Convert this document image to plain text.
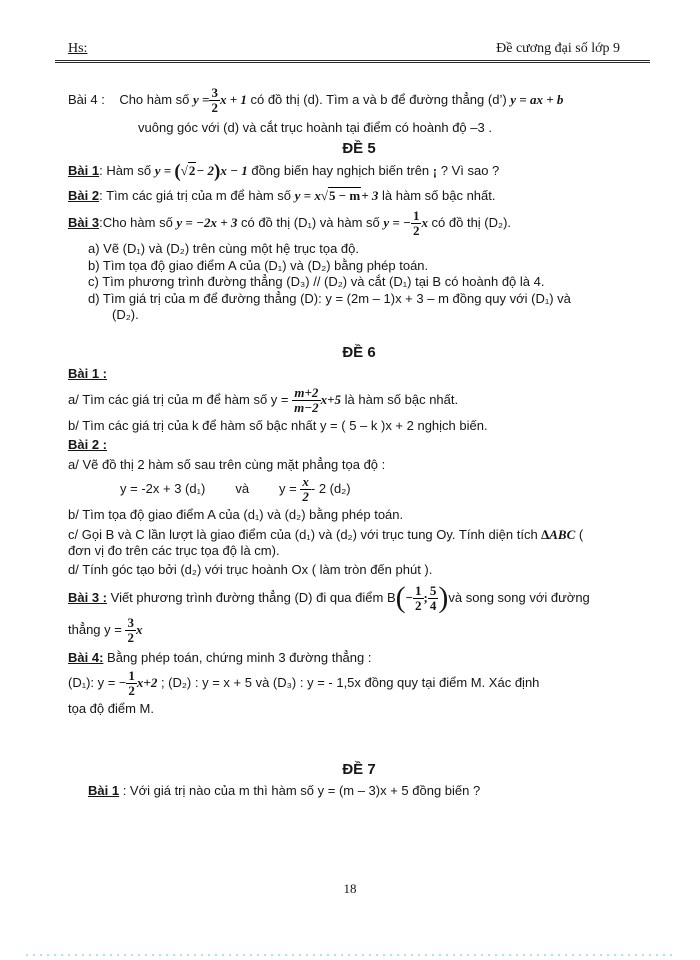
Hs:	Đề cương đại số lớp 9
Bài 4 : Cho hàm số $y = \frac{3}{2}$ x + 1 có đồ thị (d). Tìm a và b để đường thẳng (d’) y = ax + b
vuông góc với (d) và cắt trục hoành tại điểm có hoành độ –3 .
ĐỀ 5
Bài 1: Hàm số y = (√2− 2)x − 1 đồng biến hay nghịch biến trên ¡ ? Vì sao ?
Bài 2: Tìm các giá trị của m để hàm số y = x√5 − m+ 3 là hàm số bậc nhất.
Bài 3:Cho hàm số y = −2x + 3 có đồ thị (D₁) và hàm số y = − $\frac{1}{2}$ x có đồ thị (D₂).
a) Vẽ (D₁) và (D₂) trên cùng một hệ trục tọa độ.
b) Tìm tọa độ giao điểm A của (D₁) và (D₂) bằng phép toán.
c) Tìm phương trình đường thẳng (D₃) // (D₂) và cắt (D₁) tại B có hoành độ là 4.
d) Tìm giá trị của m để đường thẳng (D): y = (2m – 1)x + 3 – m đồng quy với (D₁) và
(D₂).
ĐỀ 6
Bài 1 :
a/ Tìm các giá trị của m để hàm số $y = \frac{m+2}{m-2} x+5$ là hàm số bậc nhất.
b/ Tìm các giá trị của k để hàm số bậc nhất y = ( 5 – k )x + 2 nghịch biến.
Bài 2 :
a/ Vẽ đồ thị 2 hàm số sau trên cùng mặt phẳng tọa độ :
y = -2x + 3 (d₁) và $y = \frac{x}{2} - 2$ (d₂)
b/ Tìm tọa độ giao điểm A của (d₁) và (d₂) bằng phép toán.
c/ Gọi B và C lần lượt là giao điểm của (d₁) và (d₂) với trục tung Oy. Tính diện tích ∆ABC (
đơn vị đo trên các trục tọa độ là cm).
d/ Tính góc tạo bởi (d₂) với trục hoành Ox ( làm tròn đến phút ).
Bài 3 : Viết phương trình đường thẳng (D) đi qua điểm B ( − $\frac{1}{2}$ ; $\frac{5}{4}$ ) và song song với đường
thẳng $y = \frac{3}{2}$ x
Bài 4: Bằng phép toán, chứng minh 3 đường thẳng :
(D₁): y = − $\frac{1}{2} x+2$ ; (D₂) : y = x + 5 và (D₃) : y = - 1,5x đồng quy tại điểm M. Xác định
tọa độ điểm M.
ĐỀ 7
Bài 1 : Với giá trị nào của m thì hàm số y = (m – 3)x + 5 đồng biến ?
18
